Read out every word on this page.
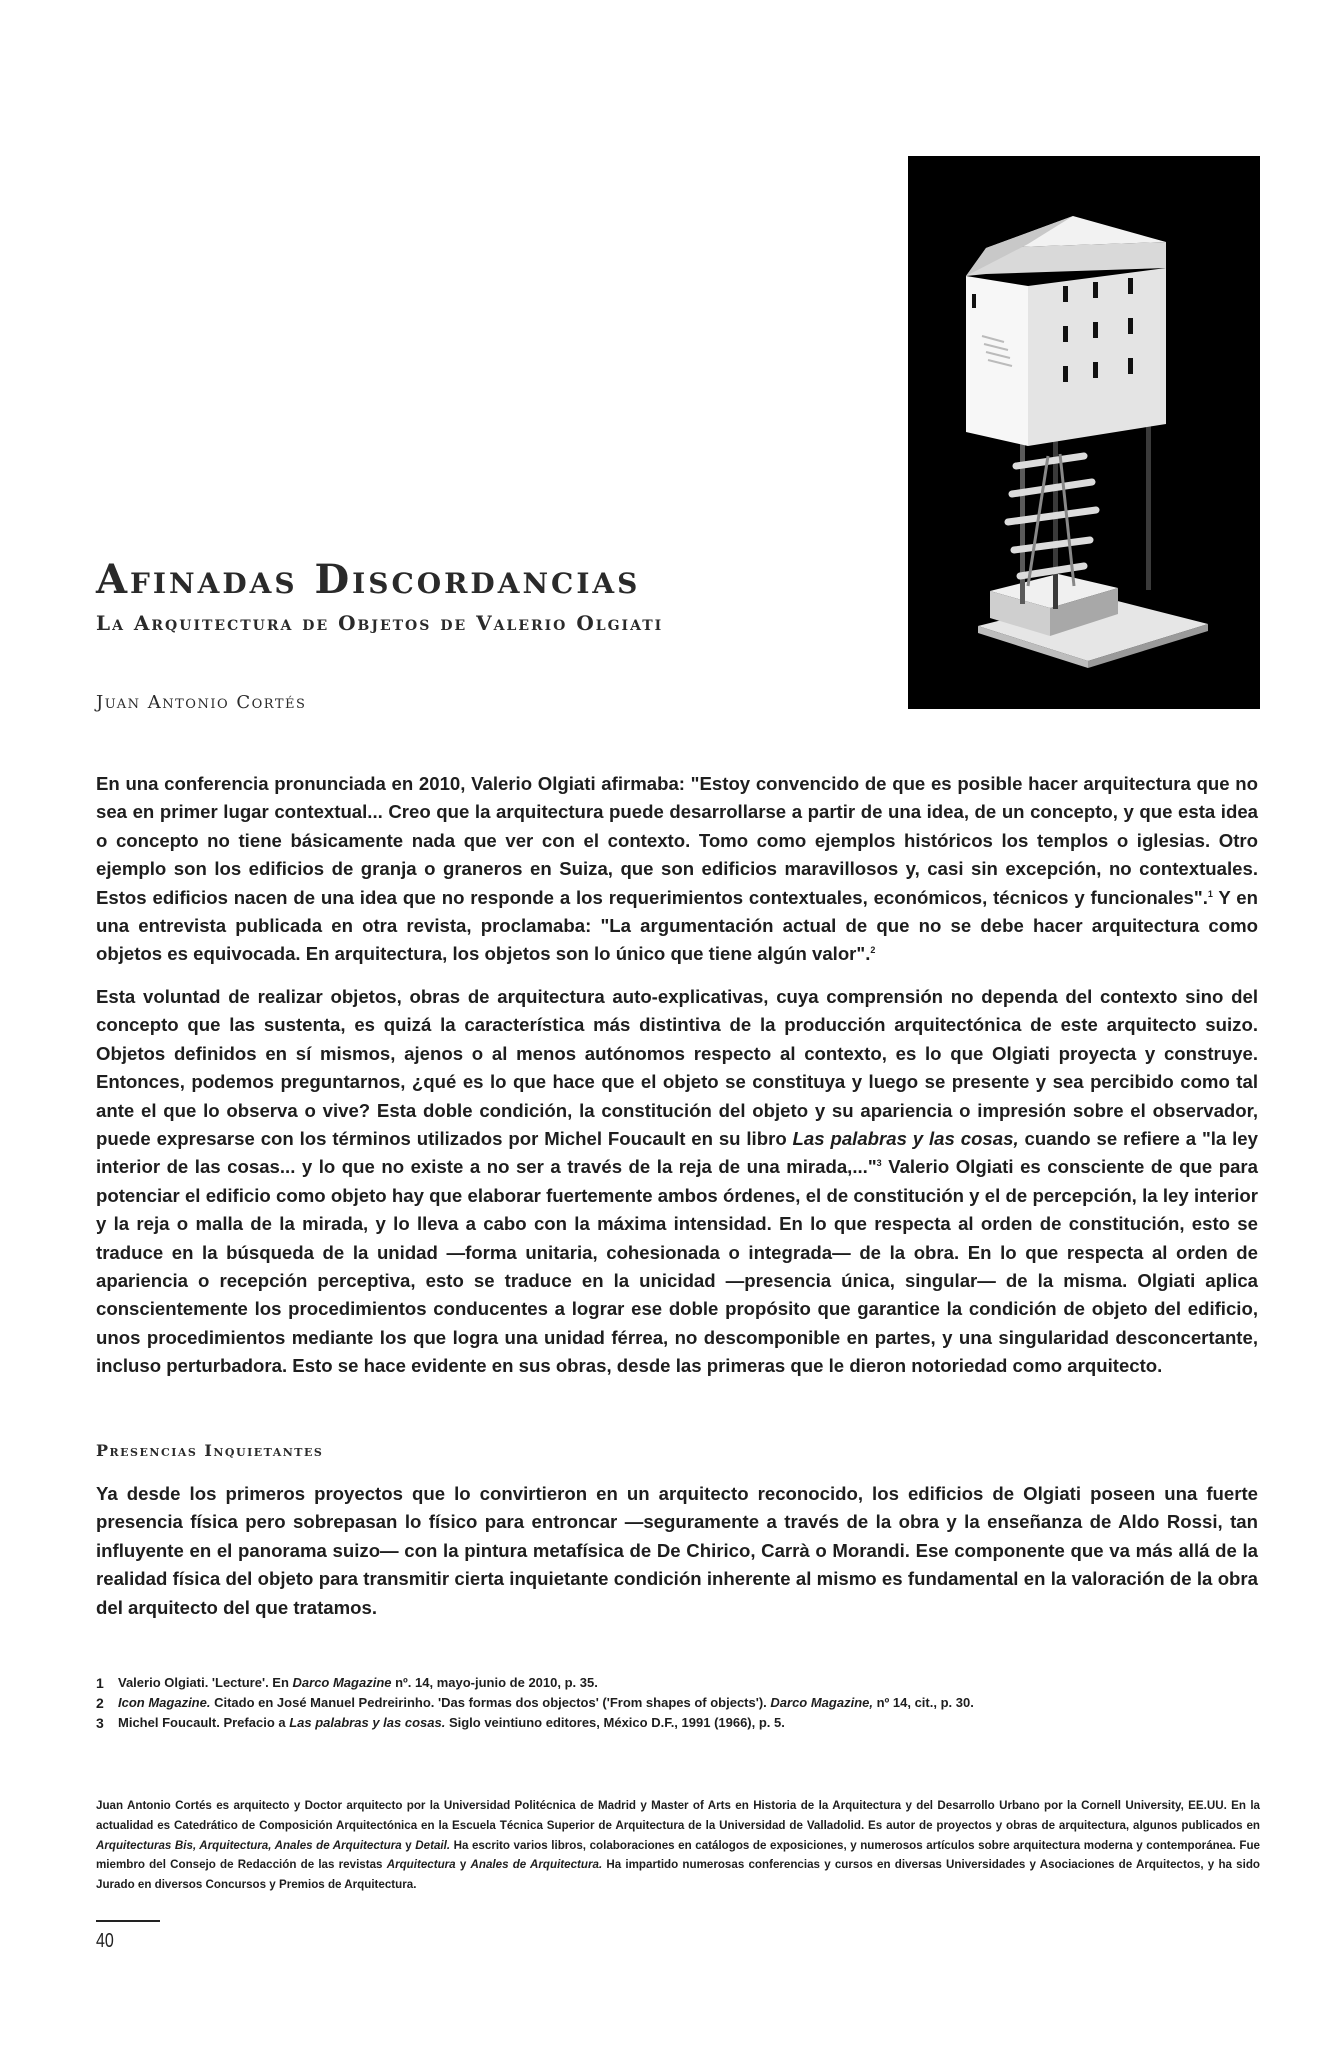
Afinadas Discordancias
La Arquitectura de Objetos de Valerio Olgiati
Juan Antonio Cortés

En una conferencia pronunciada en 2010, Valerio Olgiati afirmaba: "Estoy convencido de que es posible hacer arquitectura que no sea en primer lugar contextual... Creo que la arquitectura puede desarrollarse a partir de una idea, de un concepto, y que esta idea o concepto no tiene básicamente nada que ver con el contexto. Tomo como ejemplos históricos los templos o iglesias. Otro ejemplo son los edificios de granja o graneros en Suiza, que son edificios maravillosos y, casi sin excepción, no contextuales. Estos edificios nacen de una idea que no responde a los requerimientos contextuales, económicos, técnicos y funcionales".$^1$ Y en una entrevista publicada en otra revista, proclamaba: "La argumentación actual de que no se debe hacer arquitectura como objetos es equivocada. En arquitectura, los objetos son lo único que tiene algún valor".$^2$

Esta voluntad de realizar objetos, obras de arquitectura auto-explicativas, cuya comprensión no dependa del contexto sino del concepto que las sustenta, es quizá la característica más distintiva de la producción arquitectónica de este arquitecto suizo. Objetos definidos en sí mismos, ajenos o al menos autónomos respecto al contexto, es lo que Olgiati proyecta y construye. Entonces, podemos preguntarnos, ¿qué es lo que hace que el objeto se constituya y luego se presente y sea percibido como tal ante el que lo observa o vive? Esta doble condición, la constitución del objeto y su apariencia o impresión sobre el observador, puede expresarse con los términos utilizados por Michel Foucault en su libro Las palabras y las cosas, cuando se refiere a "la ley interior de las cosas... y lo que no existe a no ser a través de la reja de una mirada,..."$^3$ Valerio Olgiati es consciente de que para potenciar el edificio como objeto hay que elaborar fuertemente ambos órdenes, el de constitución y el de percepción, la ley interior y la reja o malla de la mirada, y lo lleva a cabo con la máxima intensidad. En lo que respecta al orden de constitución, esto se traduce en la búsqueda de la unidad —forma unitaria, cohesionada o integrada— de la obra. En lo que respecta al orden de apariencia o recepción perceptiva, esto se traduce en la unicidad —presencia única, singular— de la misma. Olgiati aplica conscientemente los procedimientos conducentes a lograr ese doble propósito que garantice la condición de objeto del edificio, unos procedimientos mediante los que logra una unidad férrea, no descomponible en partes, y una singularidad desconcertante, incluso perturbadora. Esto se hace evidente en sus obras, desde las primeras que le dieron notoriedad como arquitecto.

Presencias Inquietantes

Ya desde los primeros proyectos que lo convirtieron en un arquitecto reconocido, los edificios de Olgiati poseen una fuerte presencia física pero sobrepasan lo físico para entroncar —seguramente a través de la obra y la enseñanza de Aldo Rossi, tan influyente en el panorama suizo— con la pintura metafísica de De Chirico, Carrà o Morandi. Ese componente que va más allá de la realidad física del objeto para transmitir cierta inquietante condición inherente al mismo es fundamental en la valoración de la obra del arquitecto del que tratamos.

1	Valerio Olgiati. 'Lecture'. En Darco Magazine nº. 14, mayo-junio de 2010, p. 35.
2	Icon Magazine. Citado en José Manuel Pedreirinho. 'Das formas dos objectos' ('From shapes of objects'). Darco Magazine, nº 14, cit., p. 30.
3	Michel Foucault. Prefacio a Las palabras y las cosas. Siglo veintiuno editores, México D.F., 1991 (1966), p. 5.
Juan Antonio Cortés es arquitecto y Doctor arquitecto por la Universidad Politécnica de Madrid y Master of Arts en Historia de la Arquitectura y del Desarrollo Urbano por la Cornell University, EE.UU. En la actualidad es Catedrático de Composición Arquitectónica en la Escuela Técnica Superior de Arquitectura de la Universidad de Valladolid. Es autor de proyectos y obras de arquitectura, algunos publicados en Arquitecturas Bis, Arquitectura, Anales de Arquitectura y Detail. Ha escrito varios libros, colaboraciones en catálogos de exposiciones, y numerosos artículos sobre arquitectura moderna y contemporánea. Fue miembro del Consejo de Redacción de las revistas Arquitectura y Anales de Arquitectura. Ha impartido numerosas conferencias y cursos en diversas Universidades y Asociaciones de Arquitectos, y ha sido Jurado en diversos Concursos y Premios de Arquitectura.
40
